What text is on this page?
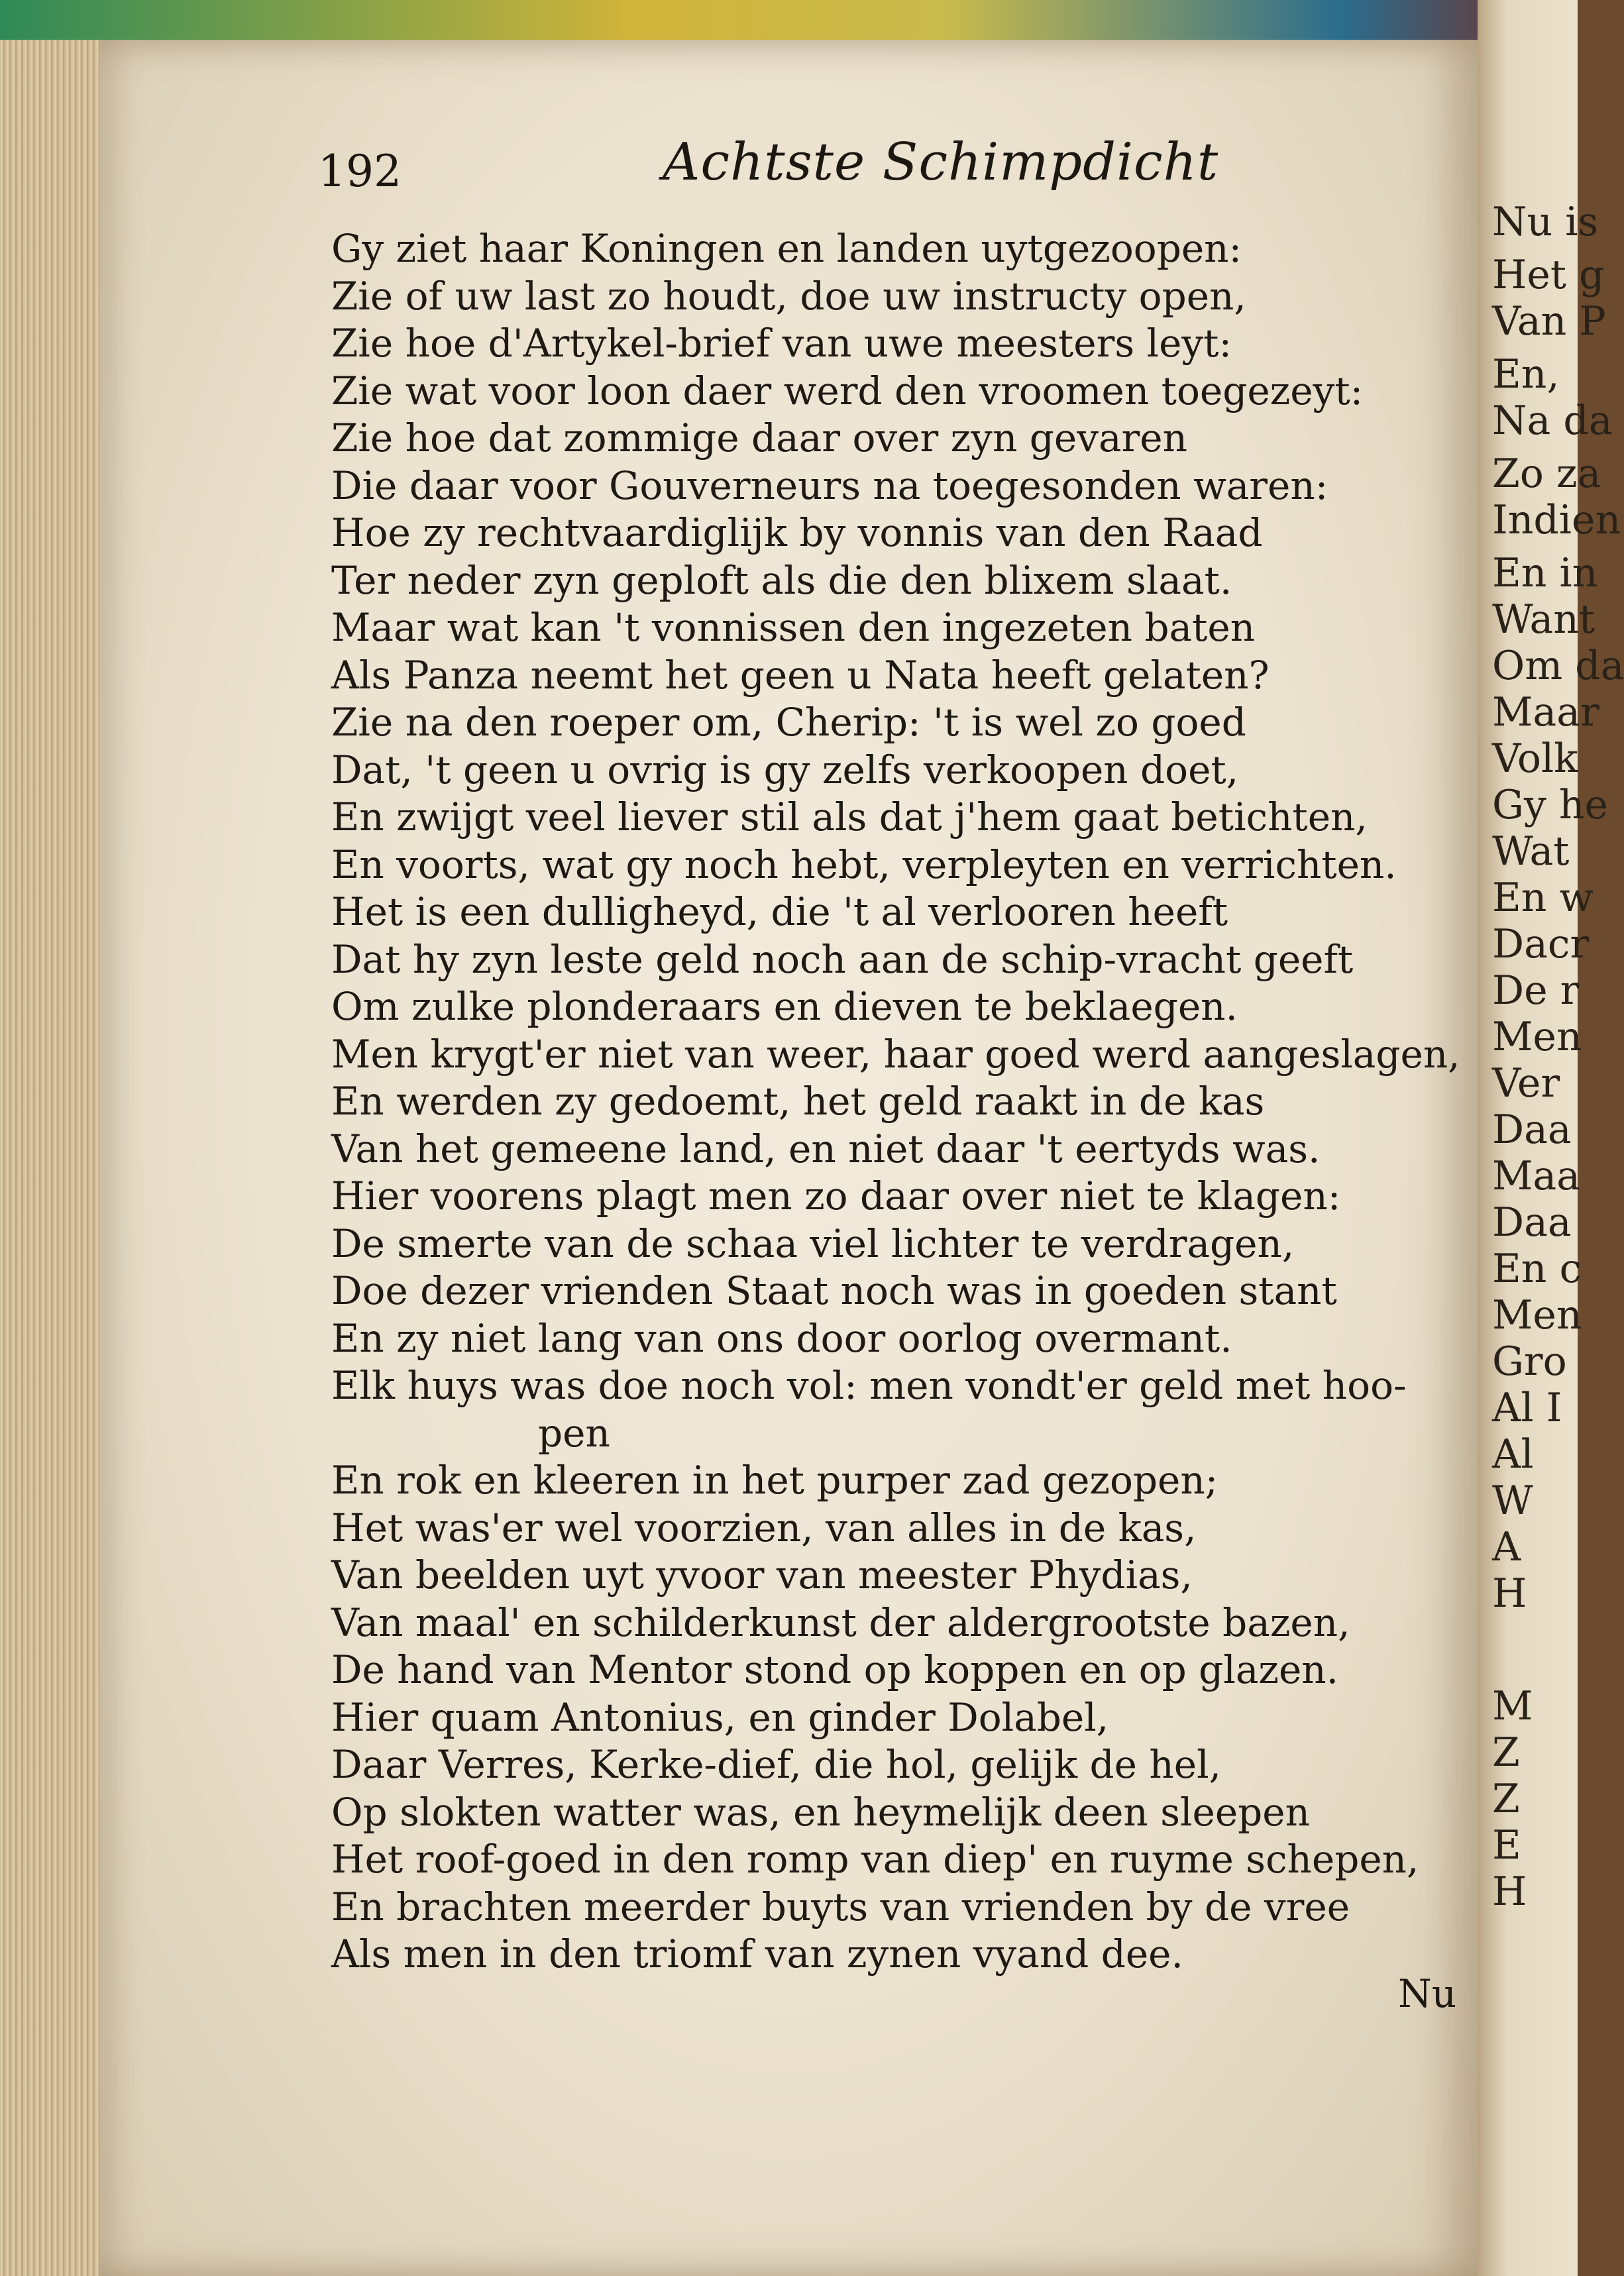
Nu is
Het g
Van P
En,
Na da
Zo za
Indien
En in
Want
Om da
Maar
Volk
Gy he
Wat
En w
Dacr
De r
Men
Ver
Daa
Maa
Daa
En c
Men
Gro
Al I
Al
W
A
H
M
Z
Z
E
H
192	Achtste Schimpdicht
Gy ziet haar Koningen en landen uytgezoopen:
Zie of uw last zo houdt, doe uw instructy open,
Zie hoe d'Artykel-brief van uwe meesters leyt:
Zie wat voor loon daer werd den vroomen toegezeyt:
Zie hoe dat zommige daar over zyn gevaren
Die daar voor Gouverneurs na toegesonden waren:
Hoe zy rechtvaardiglijk by vonnis van den Raad
Ter neder zyn geploft als die den blixem slaat.
Maar wat kan 't vonnissen den ingezeten baten
Als Panza neemt het geen u Nata heeft gelaten?
Zie na den roeper om, Cherip: 't is wel zo goed
Dat, 't geen u ovrig is gy zelfs verkoopen doet,
En zwijgt veel liever stil als dat j'hem gaat betichten,
En voorts, wat gy noch hebt, verpleyten en verrichten.
Het is een dulligheyd, die 't al verlooren heeft
Dat hy zyn leste geld noch aan de schip-vracht geeft
Om zulke plonderaars en dieven te beklaegen.
Men krygt'er niet van weer, haar goed werd aangeslagen,
En werden zy gedoemt, het geld raakt in de kas
Van het gemeene land, en niet daar 't eertyds was.
Hier voorens plagt men zo daar over niet te klagen:
De smerte van de schaa viel lichter te verdragen,
Doe dezer vrienden Staat noch was in goeden stant
En zy niet lang van ons door oorlog overmant.
Elk huys was doe noch vol: men vondt'er geld met hoo-
pen
En rok en kleeren in het purper zad gezopen;
Het was'er wel voorzien, van alles in de kas,
Van beelden uyt yvoor van meester Phydias,
Van maal' en schilderkunst der aldergrootste bazen,
De hand van Mentor stond op koppen en op glazen.
Hier quam Antonius, en ginder Dolabel,
Daar Verres, Kerke-dief, die hol, gelijk de hel,
Op slokten watter was, en heymelijk deen sleepen
Het roof-goed in den romp van diep' en ruyme schepen,
En brachten meerder buyts van vrienden by de vree
Als men in den triomf van zynen vyand dee.
Nu
